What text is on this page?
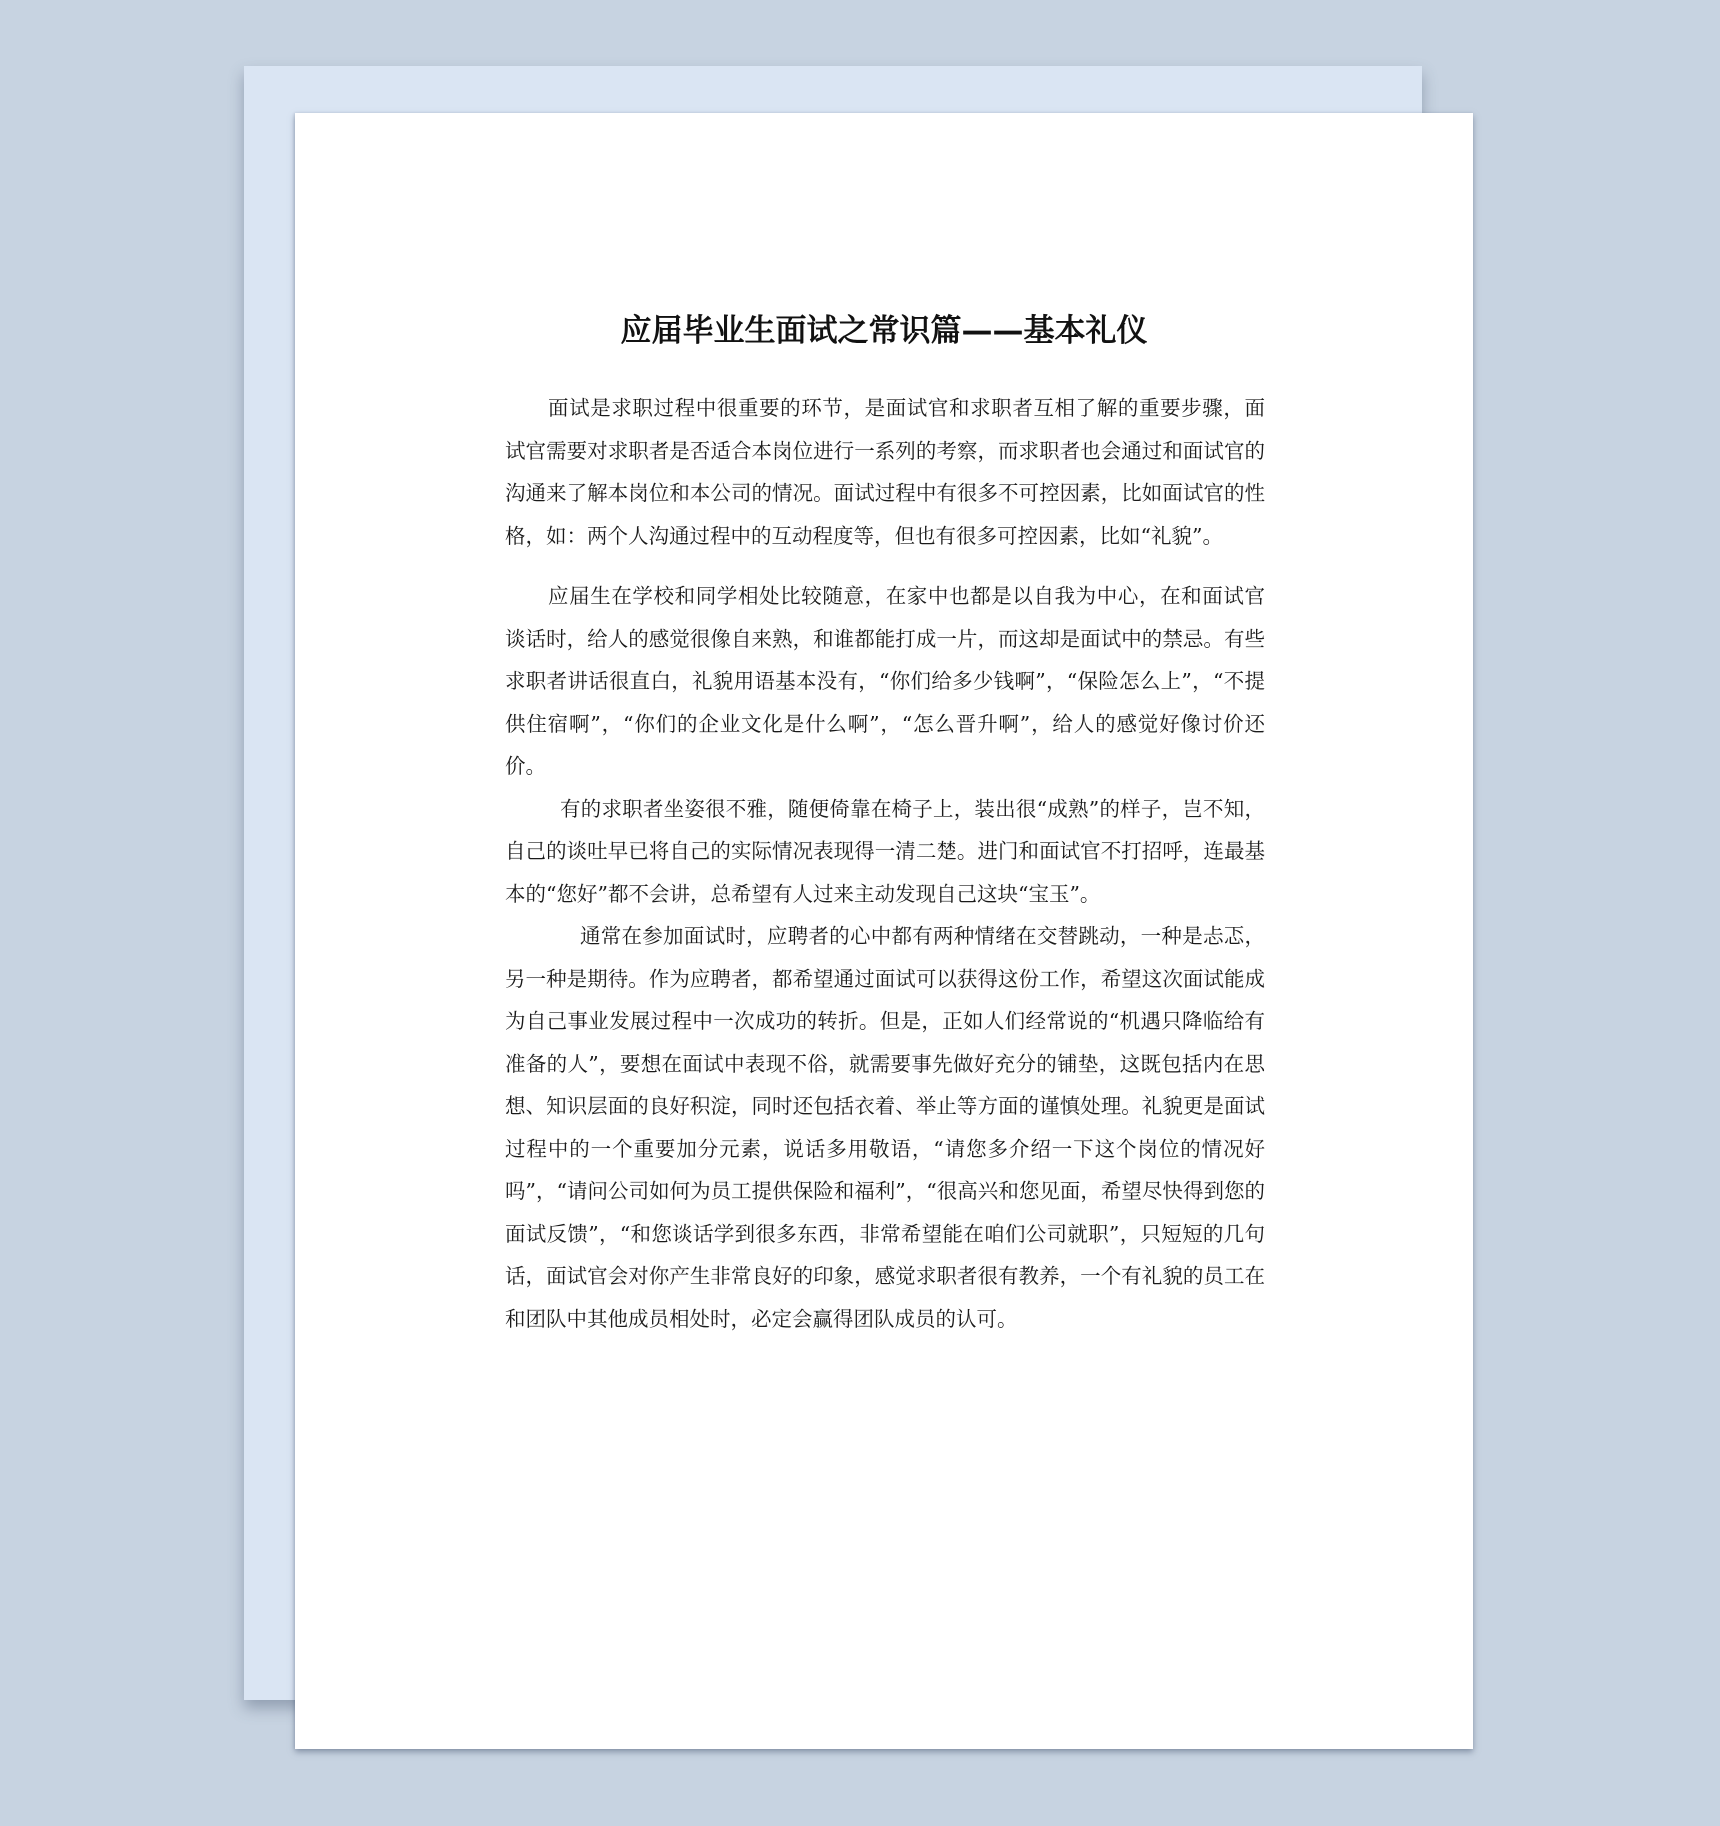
应届毕业生面试之常识篇——基本礼仪

面试是求职过程中很重要的环节，是面试官和求职者互相了解的重要步骤，面试官需要对求职者是否适合本岗位进行一系列的考察，而求职者也会通过和面试官的沟通来了解本岗位和本公司的情况。面试过程中有很多不可控因素，比如面试官的性格，如：两个人沟通过程中的互动程度等，但也有很多可控因素，比如“礼貌”。

应届生在学校和同学相处比较随意，在家中也都是以自我为中心，在和面试官谈话时，给人的感觉很像自来熟，和谁都能打成一片，而这却是面试中的禁忌。有些求职者讲话很直白，礼貌用语基本没有，“你们给多少钱啊”，“保险怎么上”，“不提供住宿啊”，“你们的企业文化是什么啊”，“怎么晋升啊”，给人的感觉好像讨价还价。

有的求职者坐姿很不雅，随便倚靠在椅子上，装出很“成熟”的样子，岂不知，自己的谈吐早已将自己的实际情况表现得一清二楚。进门和面试官不打招呼，连最基本的“您好”都不会讲，总希望有人过来主动发现自己这块“宝玉”。

通常在参加面试时，应聘者的心中都有两种情绪在交替跳动，一种是忐忑，另一种是期待。作为应聘者，都希望通过面试可以获得这份工作，希望这次面试能成为自己事业发展过程中一次成功的转折。但是，正如人们经常说的“机遇只降临给有准备的人”，要想在面试中表现不俗，就需要事先做好充分的铺垫，这既包括内在思想、知识层面的良好积淀，同时还包括衣着、举止等方面的谨慎处理。礼貌更是面试过程中的一个重要加分元素，说话多用敬语，“请您多介绍一下这个岗位的情况好吗”，“请问公司如何为员工提供保险和福利”，“很高兴和您见面，希望尽快得到您的面试反馈”，“和您谈话学到很多东西，非常希望能在咱们公司就职”，只短短的几句话，面试官会对你产生非常良好的印象，感觉求职者很有教养，一个有礼貌的员工在和团队中其他成员相处时，必定会赢得团队成员的认可。
